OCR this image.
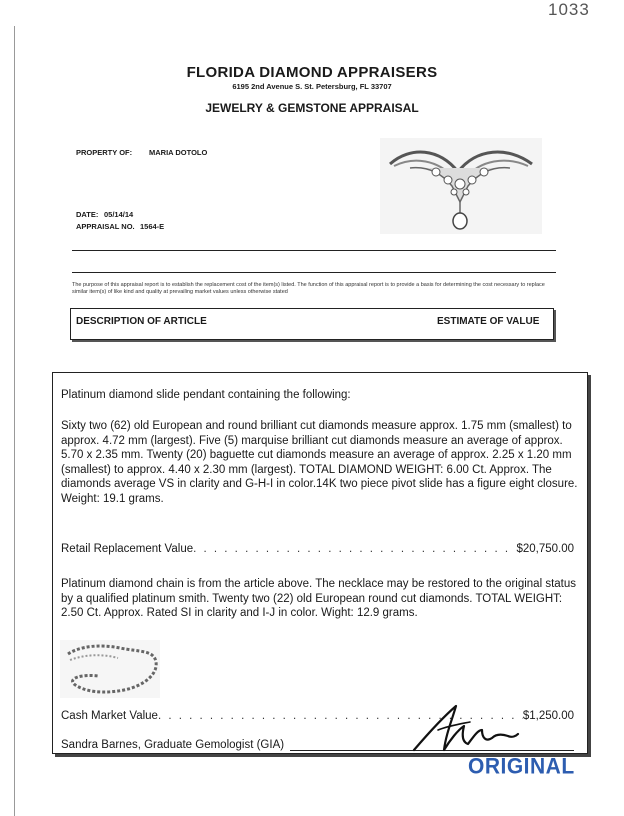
1033
FLORIDA DIAMOND APPRAISERS
6195 2nd Avenue S. St. Petersburg, FL 33707
JEWELRY & GEMSTONE APPRAISAL
PROPERTY OF: MARIA DOTOLO
DATE: 05/14/14
APPRAISAL NO. 1564-E
The purpose of this appraisal report is to establish the replacement cost of the item(s) listed. The function of this appraisal report is to provide a basis for determining the cost necessary to replace similar item(s) of like kind and quality at prevailing market values unless otherwise stated
DESCRIPTION OF ARTICLE	ESTIMATE OF VALUE
Platinum diamond slide pendant containing the following:
Sixty two (62) old European and round brilliant cut diamonds measure approx. 1.75 mm (smallest) to approx. 4.72 mm (largest). Five (5) marquise brilliant cut diamonds measure an average of approx. 5.70 x 2.35 mm. Twenty (20) baguette cut diamonds measure an average of approx. 2.25 x 1.20 mm (smallest) to approx. 4.40 x 2.30 mm (largest). TOTAL DIAMOND WEIGHT: 6.00 Ct. Approx. The diamonds average VS in clarity and G-H-I in color.14K two piece pivot slide has a figure eight closure. Weight: 19.1 grams.
Retail Replacement Value . . .	$20,750.00
Platinum diamond chain is from the article above. The necklace may be restored to the original status by a qualified platinum smith. Twenty two (22) old European round cut diamonds. TOTAL WEIGHT: 2.50 Ct. Approx. Rated SI in clarity and I-J in color. Wight: 12.9 grams.
Cash Market Value . . .	$1,250.00
Sandra Barnes, Graduate Gemologist (GIA)
ORIGINAL
